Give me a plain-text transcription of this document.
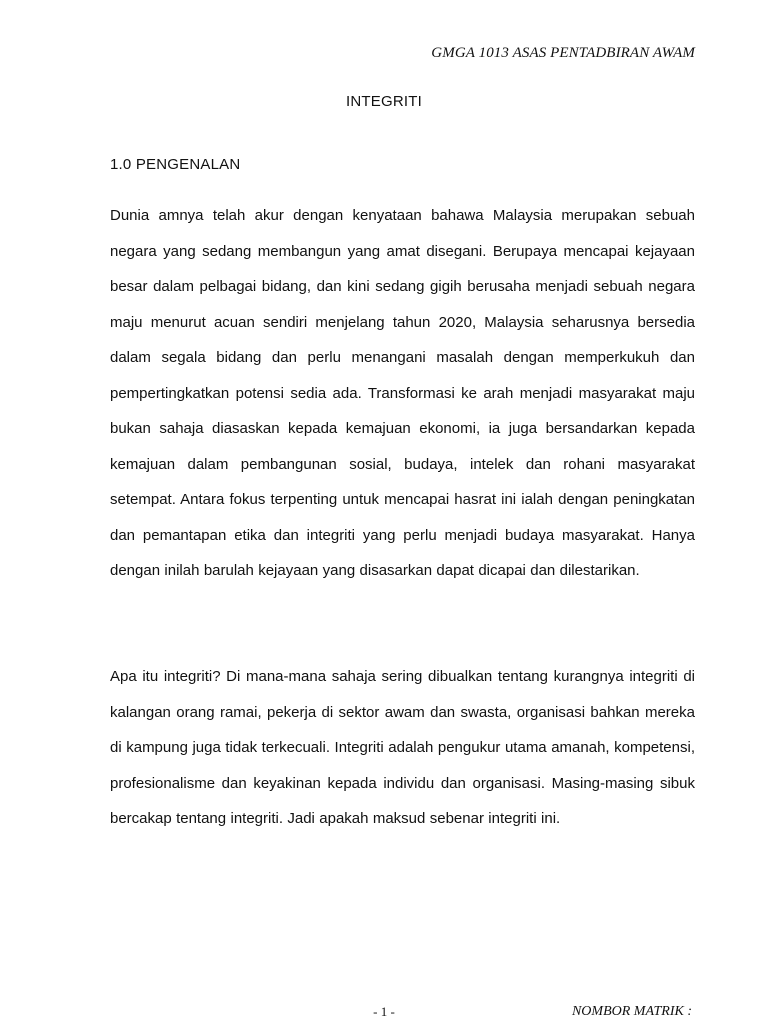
GMGA 1013 ASAS PENTADBIRAN AWAM
INTEGRITI
1.0 PENGENALAN

Dunia amnya telah akur dengan kenyataan bahawa Malaysia merupakan sebuah negara yang sedang membangun yang amat disegani. Berupaya mencapai kejayaan besar dalam pelbagai bidang, dan kini sedang gigih berusaha menjadi sebuah negara maju menurut acuan sendiri menjelang tahun 2020, Malaysia seharusnya bersedia dalam segala bidang dan perlu menangani masalah dengan memperkukuh dan pempertingkatkan potensi sedia ada. Transformasi ke arah menjadi masyarakat maju bukan sahaja diasaskan kepada kemajuan ekonomi, ia juga bersandarkan kepada kemajuan dalam pembangunan sosial, budaya, intelek dan rohani masyarakat setempat. Antara fokus terpenting untuk mencapai hasrat ini ialah dengan peningkatan dan pemantapan etika dan integriti yang perlu menjadi budaya masyarakat. Hanya dengan inilah barulah kejayaan yang disasarkan dapat dicapai dan dilestarikan.

Apa itu integriti? Di mana-mana sahaja sering dibualkan tentang kurangnya integriti di kalangan orang ramai, pekerja di sektor awam dan swasta, organisasi bahkan mereka di kampung juga tidak terkecuali. Integriti adalah pengukur utama amanah, kompetensi, profesionalisme dan keyakinan kepada individu dan organisasi. Masing-masing sibuk bercakap tentang integriti. Jadi apakah maksud sebenar integriti ini.

- 1 -	NOMBOR MATRIK :
